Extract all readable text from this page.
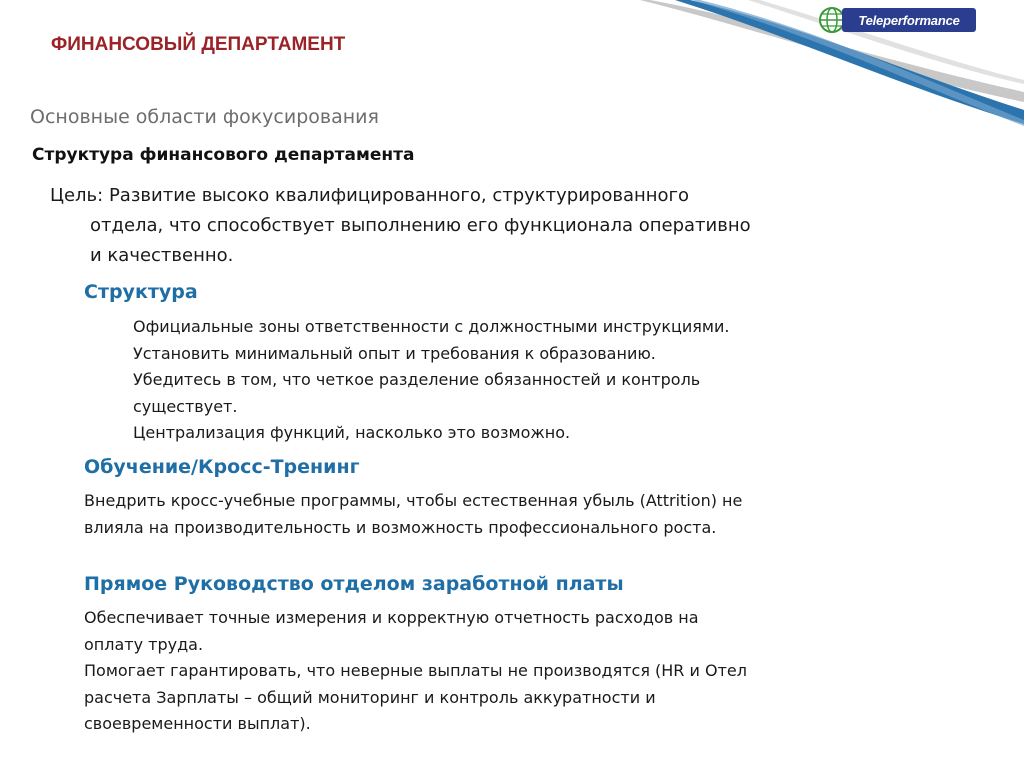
Teleperformance
ФИНАНСОВЫЙ ДЕПАРТАМЕНТ
Основные области фокусирования
Структура финансового департамента
Цель: Развитие высоко квалифицированного, структурированного
отдела, что способствует выполнению его функционала оперативно
и качественно.
Структура
Официальные зоны ответственности с должностными инструкциями.
Установить минимальный опыт и требования к образованию.
Убедитесь в том, что четкое разделение обязанностей и контроль
существует.
Централизация функций, насколько это возможно.
Обучение/Кросс-Тренинг
Внедрить кросс-учебные программы, чтобы естественная убыль (Attrition) не
влияла на производительность и возможность профессионального роста.
Прямое Руководство отделом заработной платы
Обеспечивает точные измерения и корректную отчетность расходов на
оплату труда.
Помогает гарантировать, что неверные выплаты не производятся (HR и Отел
расчета Зарплаты – общий мониторинг и контроль аккуратности и
своевременности выплат).
